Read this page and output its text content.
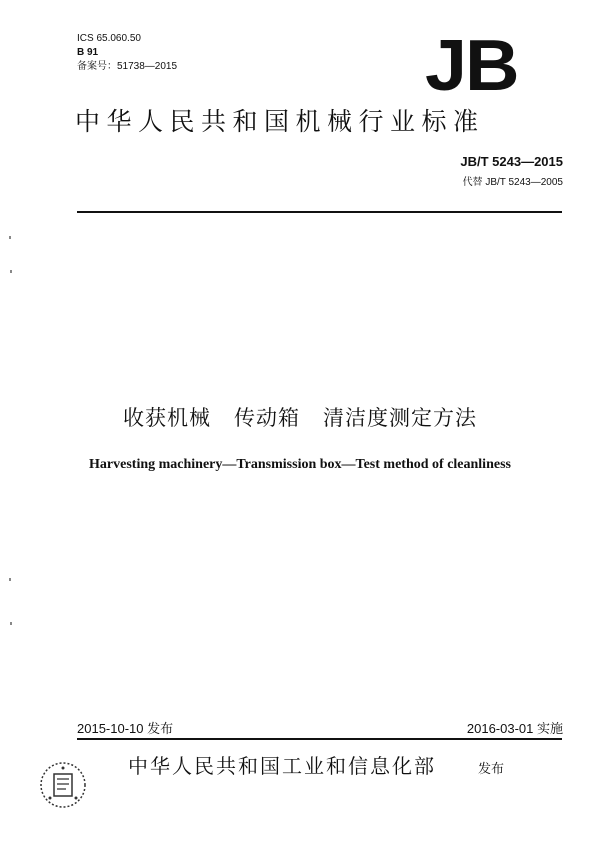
ICS 65.060.50
B 91
备案号：51738—2015	JB
中华人民共和国机械行业标准
JB/T 5243—2015
代替 JB/T 5243—2005
收获机械   传动箱   清洁度测定方法
Harvesting machinery—Transmission box—Test method of cleanliness
2015-10-10 发布	2016-03-01 实施
中华人民共和国工业和信息化部	发布
